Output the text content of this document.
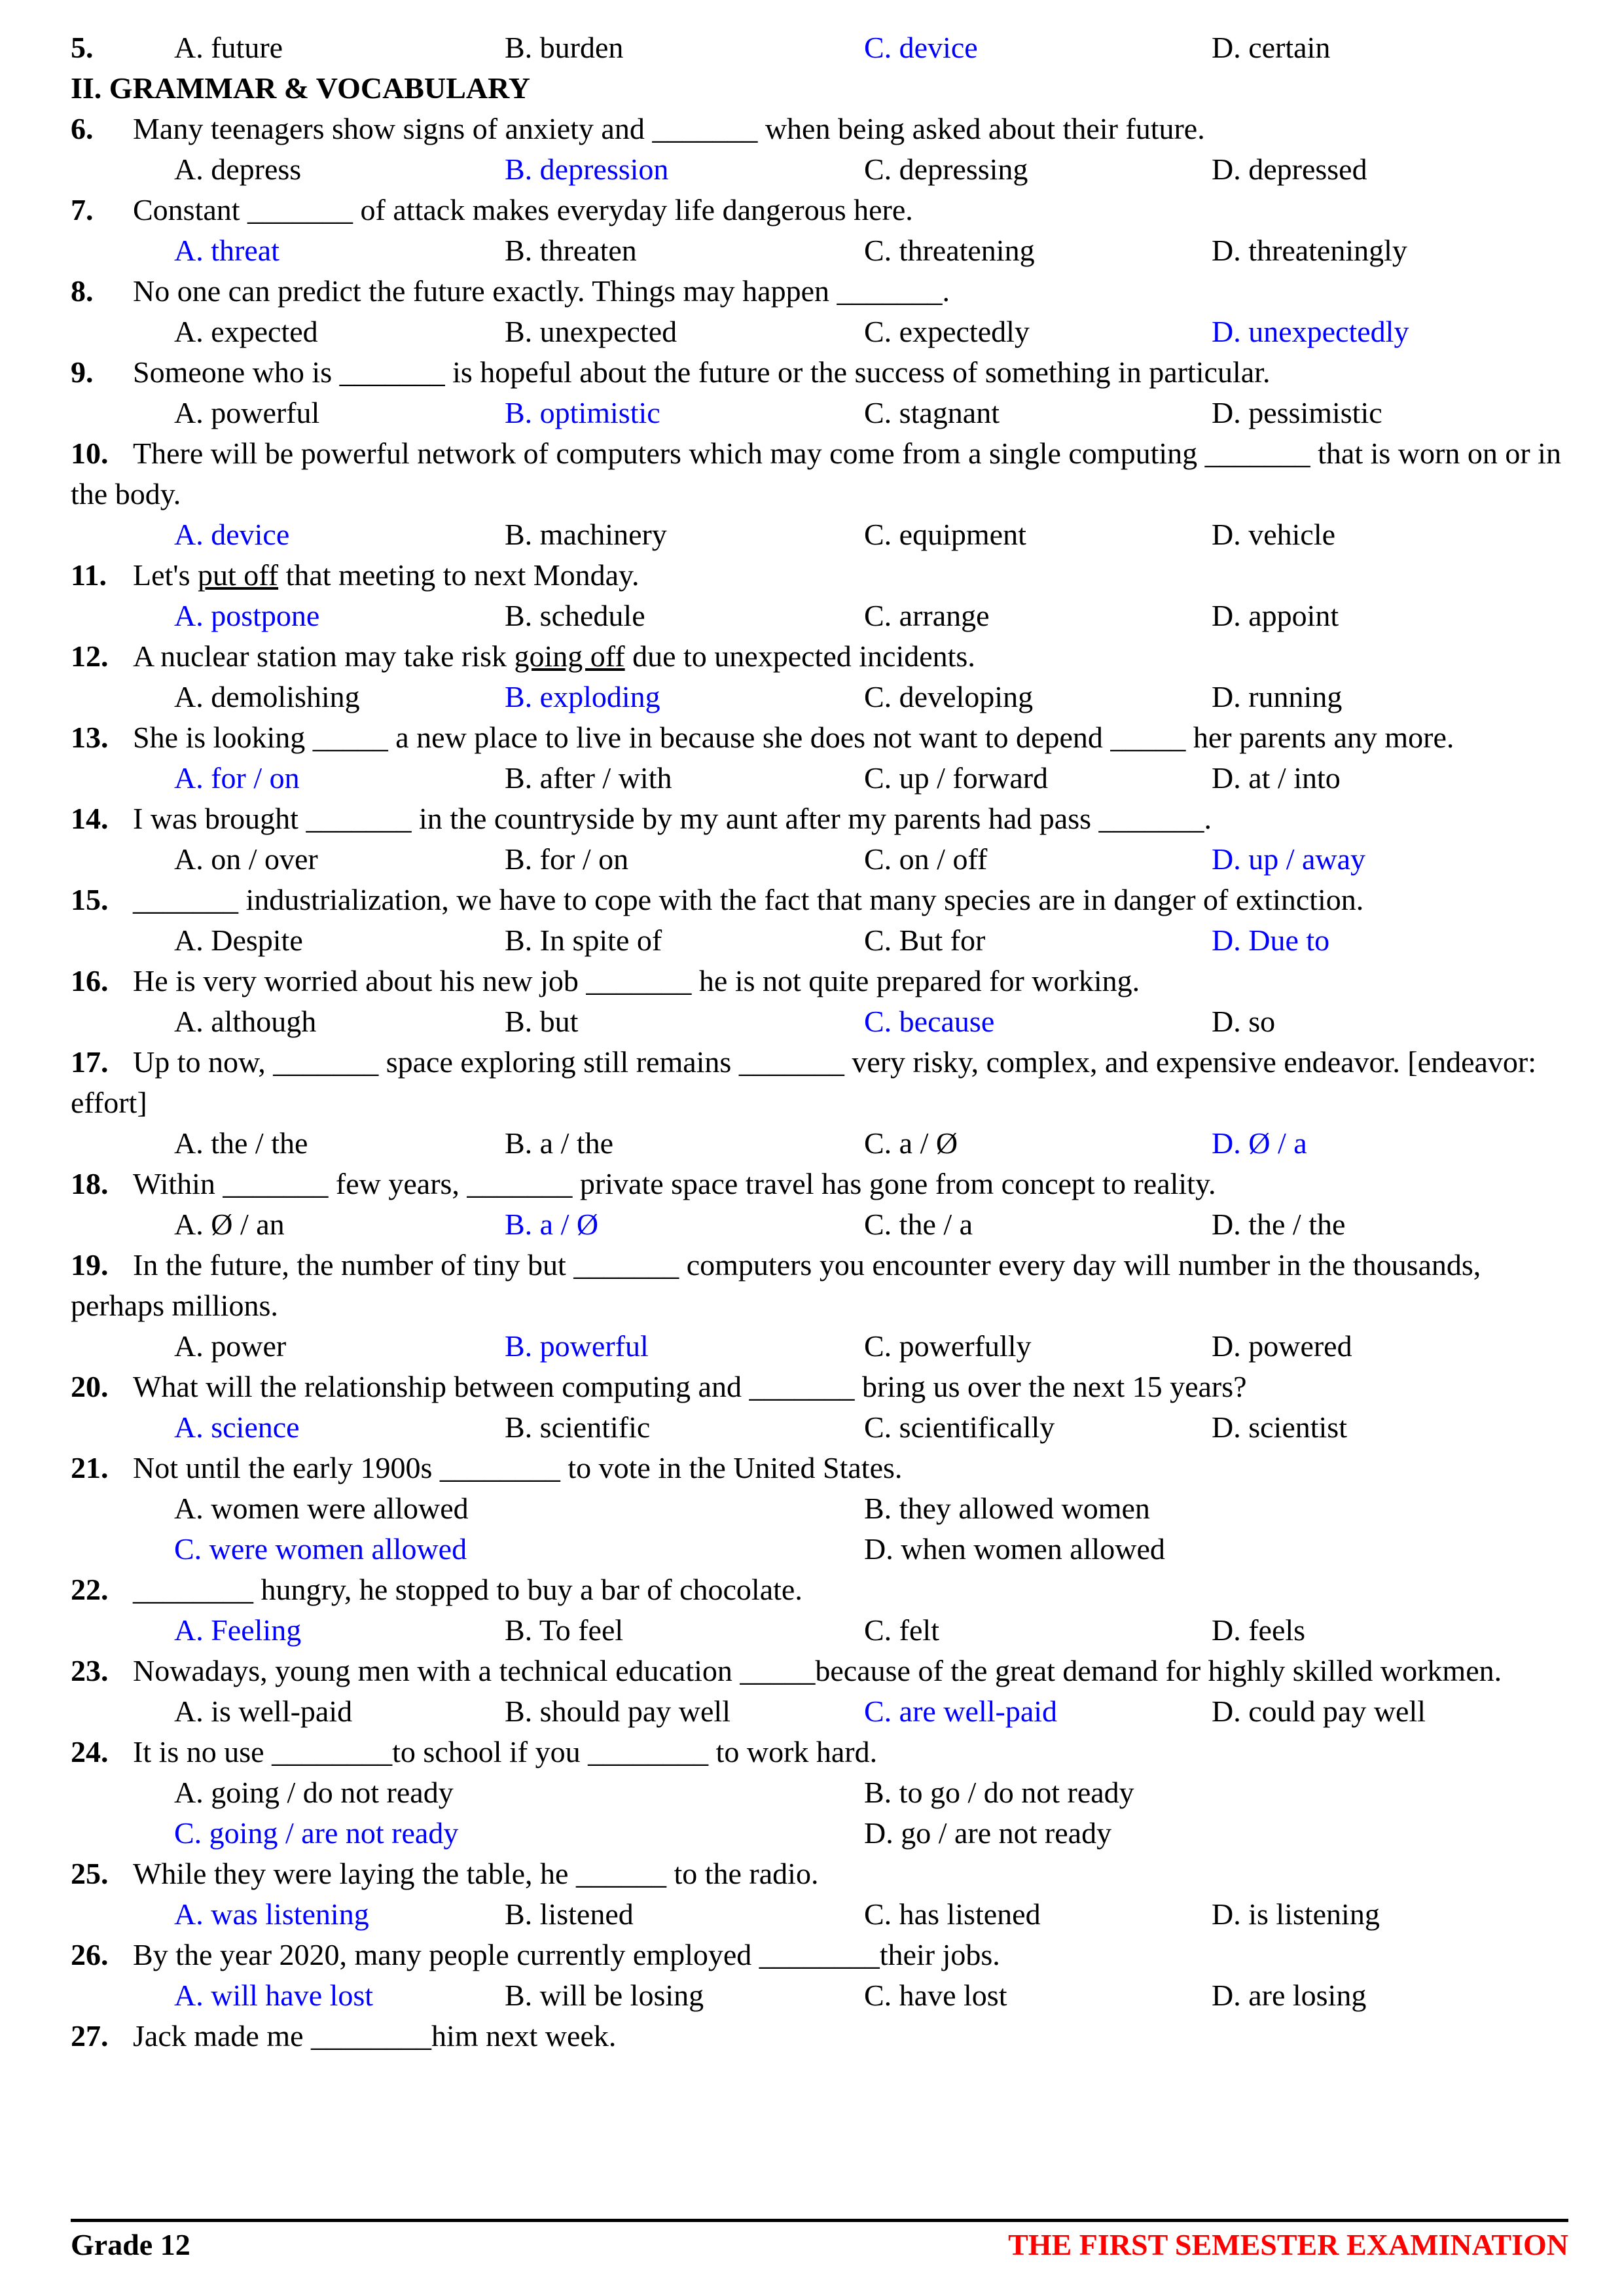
5.	A. future	B. burden	C. device	D. certain
II. GRAMMAR & VOCABULARY
6. Many teenagers show signs of anxiety and _______ when being asked about their future.
A. depress	B. depression	C. depressing	D. depressed
7. Constant _______ of attack makes everyday life dangerous here.
A. threat	B. threaten	C. threatening	D. threateningly
8. No one can predict the future exactly. Things may happen _______.
A. expected	B. unexpected	C. expectedly	D. unexpectedly
9. Someone who is _______ is hopeful about the future or the success of something in particular.
A. powerful	B. optimistic	C. stagnant	D. pessimistic
10. There will be powerful network of computers which may come from a single computing _______ that is worn on or in the body.
A. device	B. machinery	C. equipment	D. vehicle
11. Let's put off that meeting to next Monday.
A. postpone	B. schedule	C. arrange	D. appoint
12. A nuclear station may take risk going off due to unexpected incidents.
A. demolishing	B. exploding	C. developing	D. running
13. She is looking _____ a new place to live in because she does not want to depend _____ her parents any more.
A. for / on	B. after / with	C. up / forward	D. at / into
14. I was brought _______ in the countryside by my aunt after my parents had pass _______.
A. on / over	B. for / on	C. on / off	D. up / away
15. _______ industrialization, we have to cope with the fact that many species are in danger of extinction.
A. Despite	B. In spite of	C. But for	D. Due to
16. He is very worried about his new job _______ he is not quite prepared for working.
A. although	B. but	C. because	D. so
17. Up to now, _______ space exploring still remains _______ very risky, complex, and expensive endeavor. [endeavor: effort]
A. the / the	B. a / the	C. a / Ø	D. Ø / a
18. Within _______ few years, _______ private space travel has gone from concept to reality.
A. Ø / an	B. a / Ø	C. the / a	D. the / the
19. In the future, the number of tiny but _______ computers you encounter every day will number in the thousands, perhaps millions.
A. power	B. powerful	C. powerfully	D. powered
20. What will the relationship between computing and _______ bring us over the next 15 years?
A. science	B. scientific	C. scientifically	D. scientist
21. Not until the early 1900s ________ to vote in the United States.
A. women were allowed	B. they allowed women
C. were women allowed	D. when women allowed
22. ________ hungry, he stopped to buy a bar of chocolate.
A. Feeling	B. To feel	C. felt	D. feels
23. Nowadays, young men with a technical education _____because of the great demand for highly skilled workmen.
A. is well-paid	B. should pay well	C. are well-paid	D. could pay well
24. It is no use ________to school if you ________ to work hard.
A. going / do not ready	B. to go / do not ready
C. going / are not ready	D. go / are not ready
25. While they were laying the table, he ______ to the radio.
A. was listening	B. listened	C. has listened	D. is listening
26. By the year 2020, many people currently employed ________their jobs.
A. will have lost	B. will be losing	C. have lost	D. are losing
27. Jack made me ________him next week.
Grade 12	THE FIRST SEMESTER EXAMINATION
